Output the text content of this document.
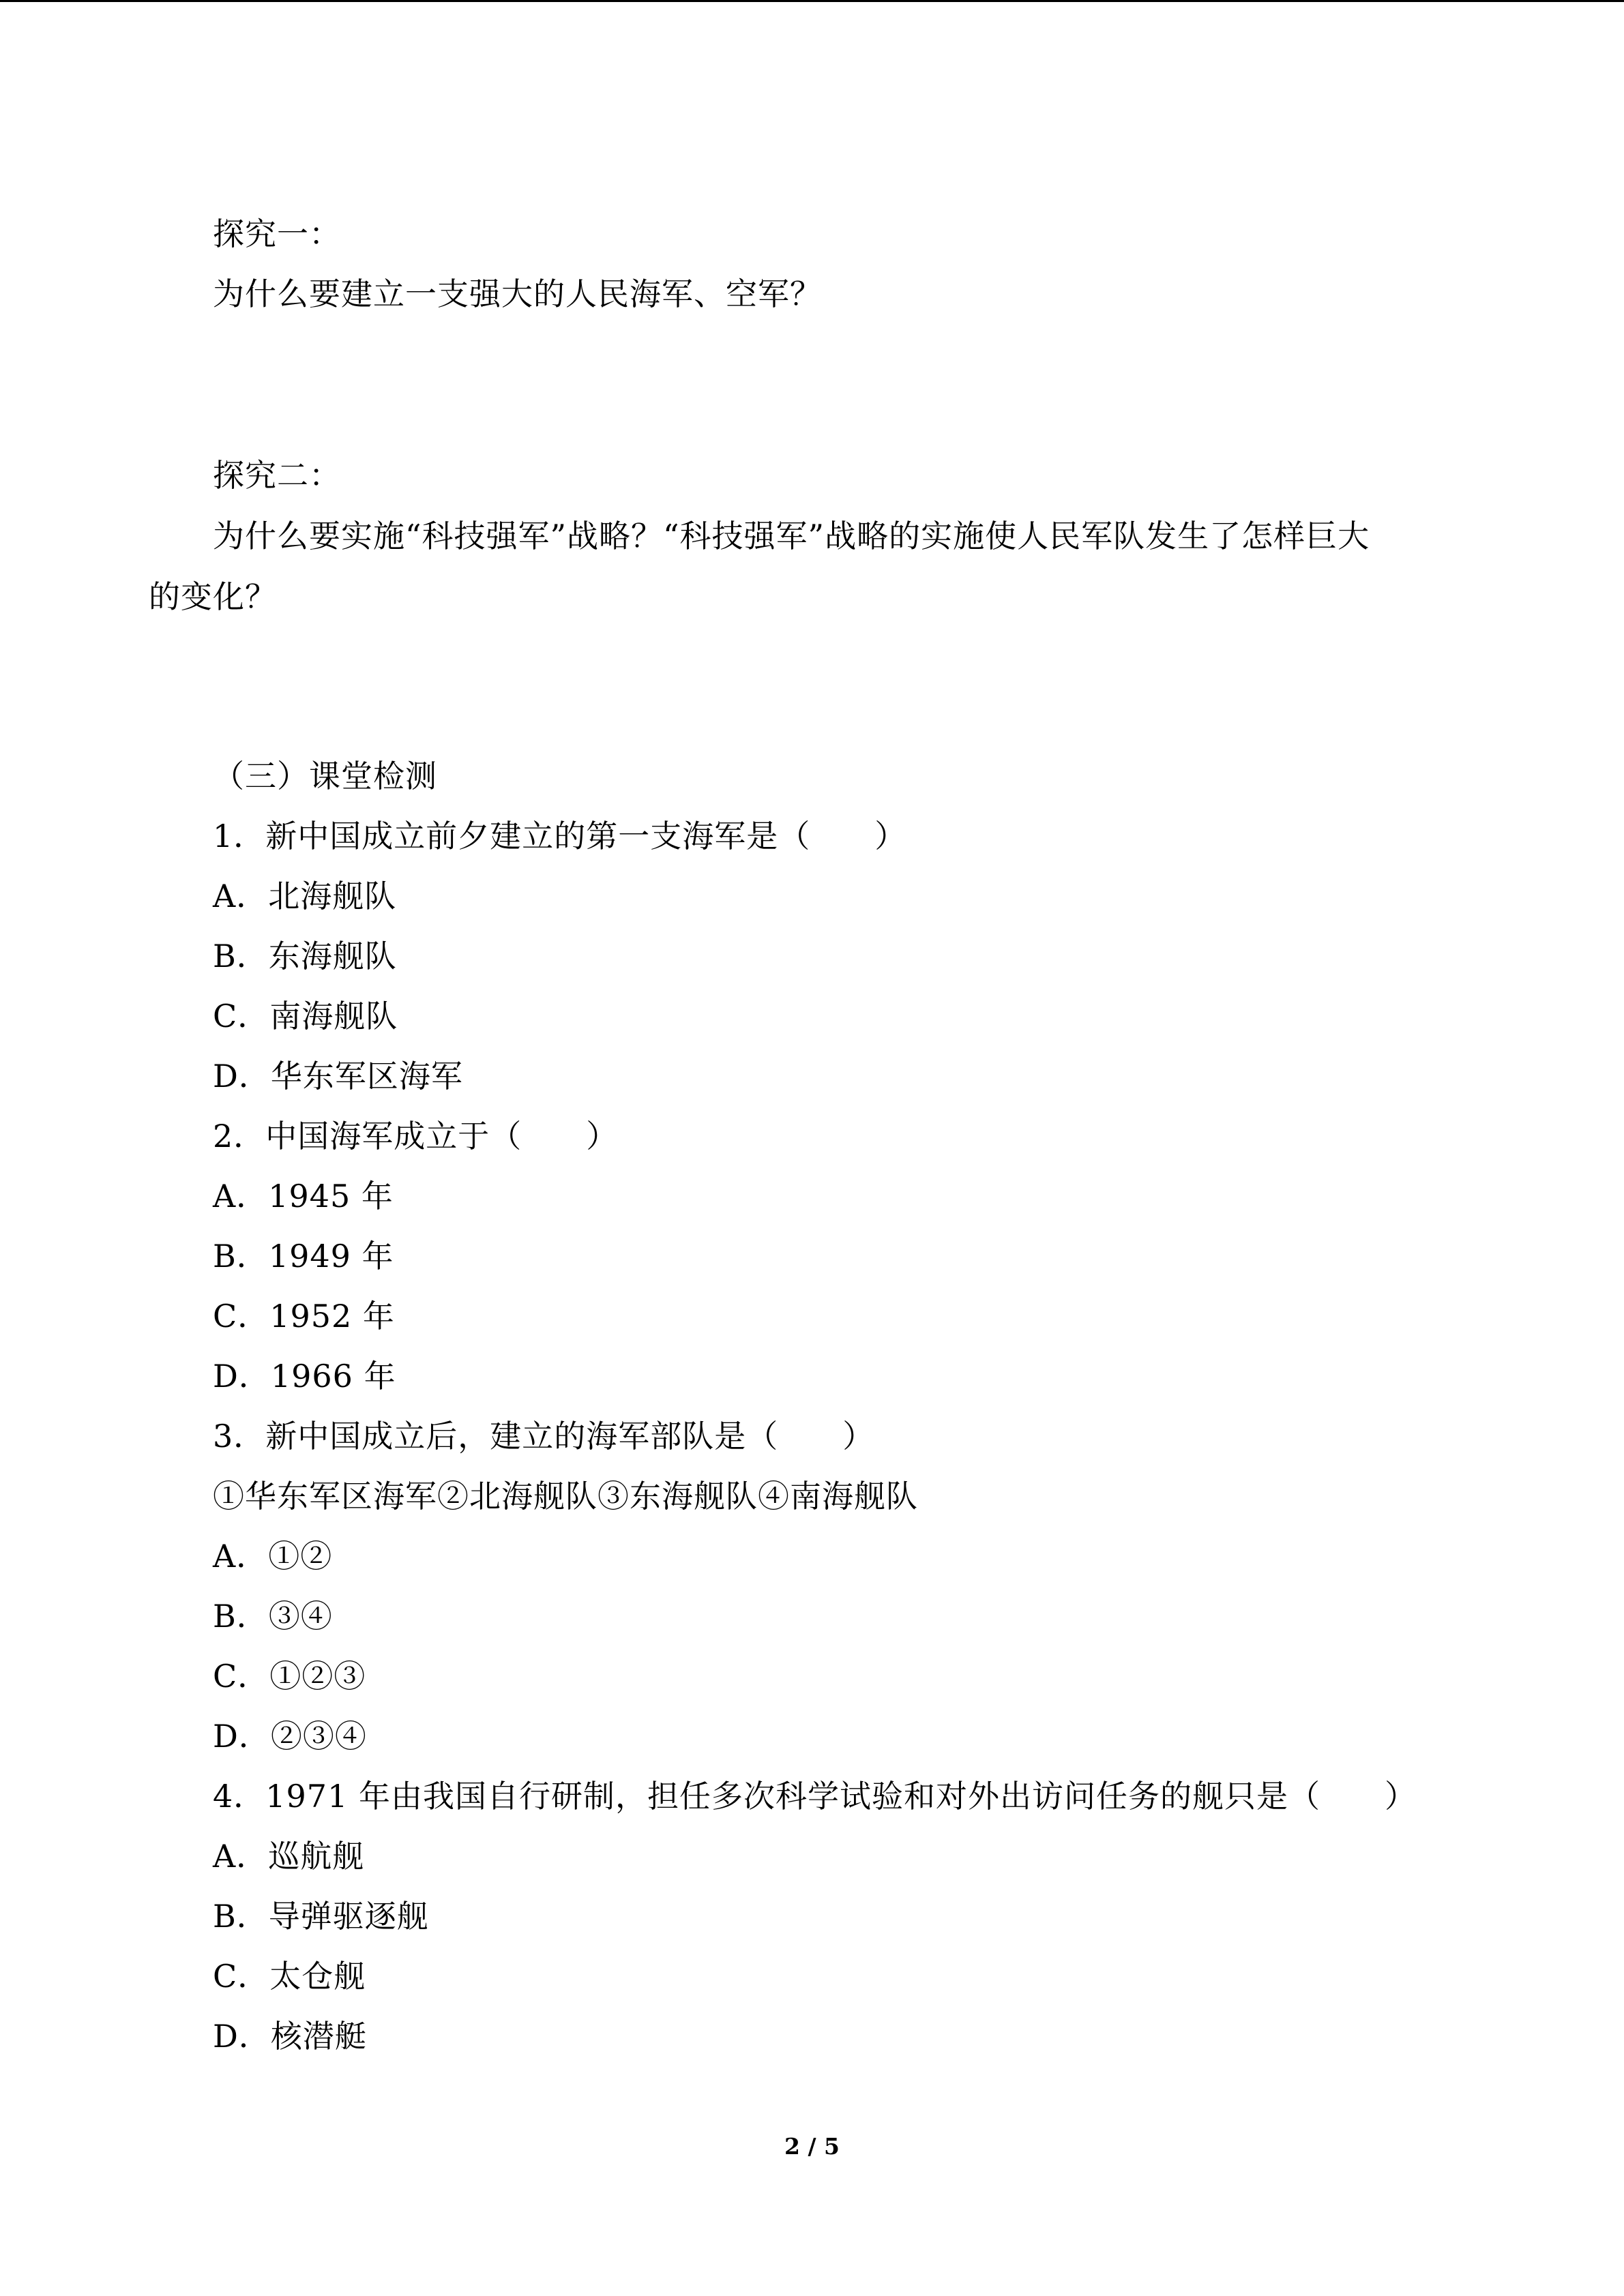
探究一：
为什么要建立一支强大的人民海军、空军？
探究二：
为什么要实施“科技强军”战略？“科技强军”战略的实施使人民军队发生了怎样巨大
的变化？
（三）课堂检测
1．新中国成立前夕建立的第一支海军是（　　）
A．北海舰队
B．东海舰队
C．南海舰队
D．华东军区海军
2．中国海军成立于（　　）
A．1945 年
B．1949 年
C．1952 年
D．1966 年
3．新中国成立后，建立的海军部队是（　　）
①华东军区海军②北海舰队③东海舰队④南海舰队
A．①②
B．③④
C．①②③
D．②③④
4．1971 年由我国自行研制，担任多次科学试验和对外出访问任务的舰只是（　　）
A．巡航舰
B．导弹驱逐舰
C．太仓舰
D．核潜艇
2 / 5
